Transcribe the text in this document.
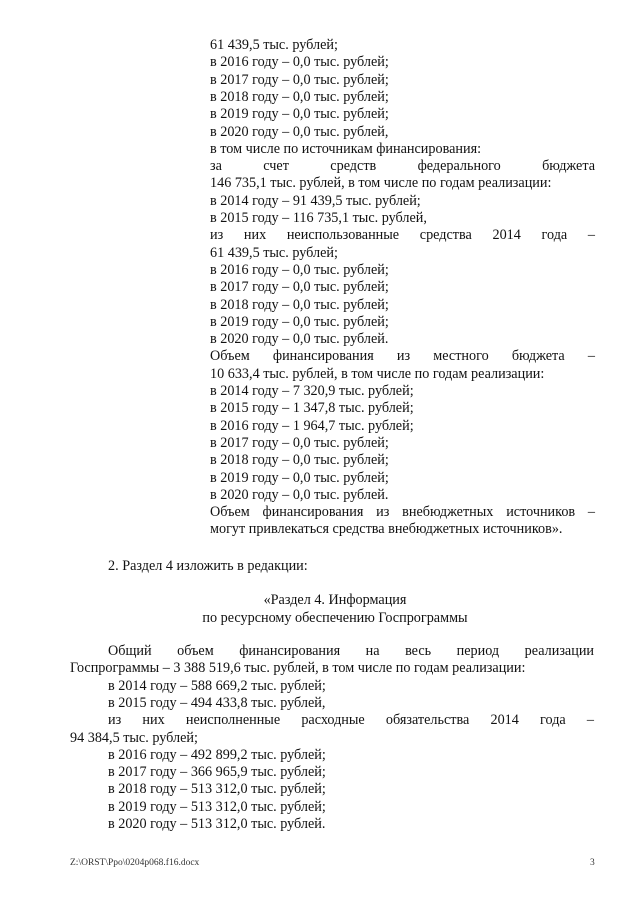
61 439,5 тыс. рублей;
в 2016 году – 0,0 тыс. рублей;
в 2017 году – 0,0 тыс. рублей;
в 2018 году – 0,0 тыс. рублей;
в 2019 году – 0,0 тыс. рублей;
в 2020 году – 0,0 тыс. рублей,
в том числе по источникам финансирования:
за счет средств федерального бюджета
146 735,1 тыс. рублей, в том числе по годам реализации:
в 2014 году – 91 439,5 тыс. рублей;
в 2015 году – 116 735,1 тыс. рублей,
из них неиспользованные средства 2014 года –
61 439,5 тыс. рублей;
в 2016 году – 0,0 тыс. рублей;
в 2017 году – 0,0 тыс. рублей;
в 2018 году – 0,0 тыс. рублей;
в 2019 году – 0,0 тыс. рублей;
в 2020 году – 0,0 тыс. рублей.
Объем финансирования из местного бюджета –
10 633,4 тыс. рублей, в том числе по годам реализации:
в 2014 году – 7 320,9 тыс. рублей;
в 2015 году – 1 347,8 тыс. рублей;
в 2016 году – 1 964,7 тыс. рублей;
в 2017 году – 0,0 тыс. рублей;
в 2018 году – 0,0 тыс. рублей;
в 2019 году – 0,0 тыс. рублей;
в 2020 году – 0,0 тыс. рублей.
Объем финансирования из внебюджетных источников –
могут привлекаться средства внебюджетных источников».
2. Раздел 4 изложить в редакции:
«Раздел 4. Информация
по ресурсному обеспечению Госпрограммы
Общий объем финансирования на весь период реализации
Госпрограммы – 3 388 519,6 тыс. рублей, в том числе по годам реализации:
в 2014 году – 588 669,2 тыс. рублей;
в 2015 году – 494 433,8 тыс. рублей,
из них неисполненные расходные обязательства 2014 года –
94 384,5 тыс. рублей;
в 2016 году – 492 899,2 тыс. рублей;
в 2017 году – 366 965,9 тыс. рублей;
в 2018 году – 513 312,0 тыс. рублей;
в 2019 году – 513 312,0 тыс. рублей;
в 2020 году – 513 312,0 тыс. рублей.
Z:\ORST\Ppo\0204p068.f16.docx	3
